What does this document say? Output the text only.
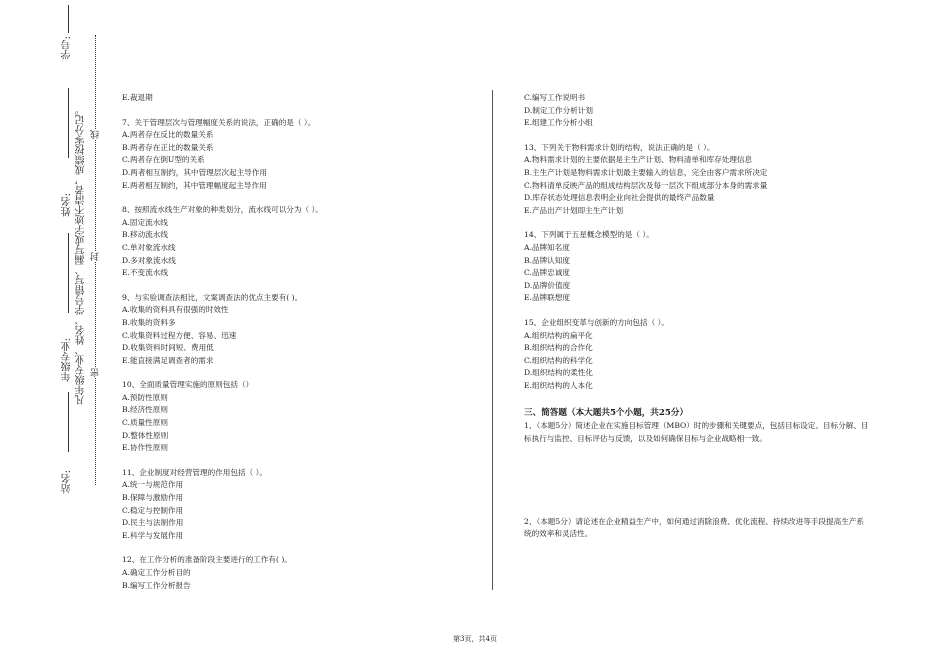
学号:
姓名:
年级专业:
站名:
凡年级专业、姓名、学号错写、漏写或字迹不清者，成绩按零分记。 密
封
线

E.裁退期

7、关于管理层次与管理幅度关系的说法，正确的是（ ）。

A.两者存在反比的数量关系

B.两者存在正比的数量关系

C.两者存在倒U型的关系

D.两者相互制约，其中管理层次起主导作用

E.两者相互制约，其中管理幅度起主导作用

8、按照流水线生产对象的种类划分，流水线可以分为（ ）。

A.固定流水线

B.移动流水线

C.单对象流水线

D.多对象流水线

E.不变流水线

9、与实验调查法相比，文案调查法的优点主要有( )。

A.收集的资料具有很强的时效性

B.收集的资料多

C.收集资料过程方便、容易、迅速

D.收集资料时间短、费用低

E.能直接满足调查者的需求

10、全面质量管理实施的原则包括（）

A.预防性原则

B.经济性原则

C.质量性原则

D.整体性原则

E.协作性原则

11、企业制度对经营管理的作用包括（ ）。

A.统一与规范作用

B.保障与激励作用

C.稳定与控制作用

D.民主与法制作用

E.科学与发展作用

12、在工作分析的准备阶段主要进行的工作有( )。

A.确定工作分析目的

B.编写工作分析报告

C.编写工作说明书

D.制定工作分析计划

E.组建工作分析小组

13、下列关于物料需求计划的结构，说法正确的是（ ）。

A.物料需求计划的主要依据是主生产计划、物料清单和库存处理信息

B.主生产计划是物料需求计划最主要输入的信息，完全由客户需求所决定

C.物料清单反映产品的组成结构层次及每一层次下组成部分本身的需求量

D.库存状态处理信息表明企业向社会提供的最终产品数量

E.产品出产计划即主生产计划

14、下列属于五星概念模型的是（ ）。

A.品牌知名度

B.品牌认知度

C.品牌忠诚度

D.品牌价值度

E.品牌联想度

15、企业组织变革与创新的方向包括（ ）。

A.组织结构的扁平化

B.组织结构的合作化

C.组织结构的科学化

D.组织结构的柔性化

E.组织结构的人本化

三、简答题（本大题共5个小题，共25分）

1、（本题5分）简述企业在实施目标管理（MBO）时的步骤和关键要点，包括目标设定、目标分解、目标执行与监控、目标评估与反馈，以及如何确保目标与企业战略相一致。

2、（本题5分）请论述在企业精益生产中，如何通过消除浪费、优化流程、持续改进等手段提高生产系统的效率和灵活性。

第3页，共4页
